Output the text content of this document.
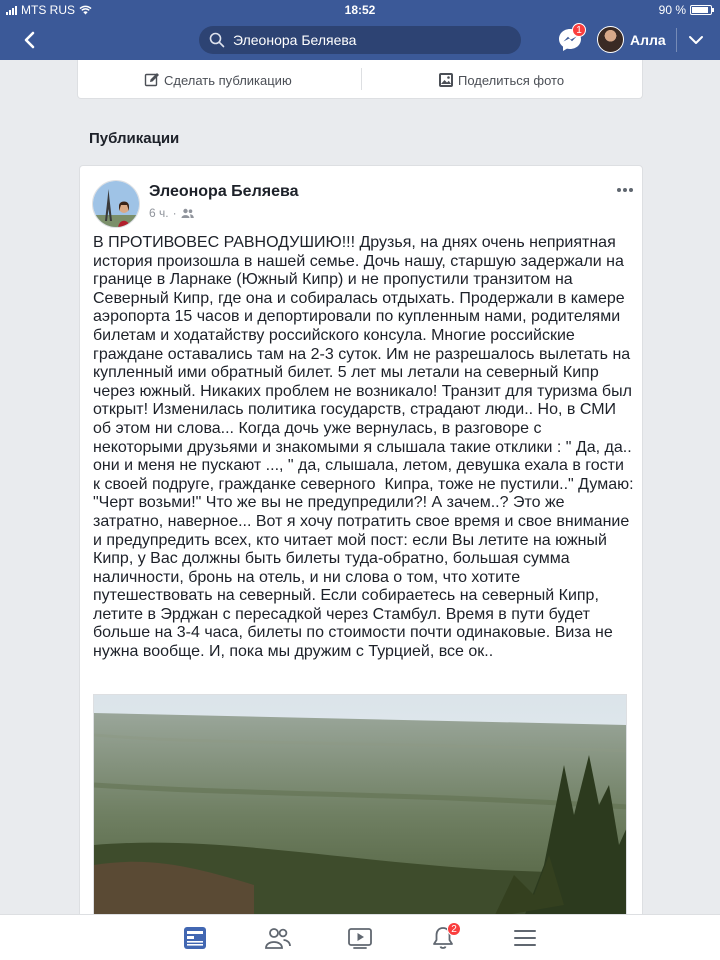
MTS RUS	18:52	90 %
Элеонора Беляева
1
Алла
Сделать публикацию	Поделиться фото
Публикации
Элеонора Беляева
6 ч. ·
В ПРОТИВОВЕС РАВНОДУШИЮ!!! Друзья, на днях очень неприятная история произошла в нашей семье. Дочь нашу, старшую задержали на границе в Ларнаке (Южный Кипр) и не пропустили транзитом на Северный Кипр, где она и собиралась отдыхать. Продержали в камере аэропорта 15 часов и депортировали по купленным нами, родителями билетам и ходатайству российского консула. Многие российские граждане оставались там на 2-3 суток. Им не разрешалось вылетать на купленный ими обратный билет. 5 лет мы летали на северный Кипр через южный. Никаких проблем не возникало! Транзит для туризма был открыт! Изменилась политика государств, страдают люди.. Но, в СМИ об этом ни слова... Когда дочь уже вернулась, в разговоре с некоторыми друзьями и знакомыми я слышала такие отклики : " Да, да.. они и меня не пускают ..., " да, слышала, летом, девушка ехала в гости к своей подруге, гражданке северного  Кипра, тоже не пустили.." Думаю: "Черт возьми!" Что же вы не предупредили?! А зачем..? Это же затратно, наверное... Вот я хочу потратить свое время и свое внимание и предупредить всех, кто читает мой пост: если Вы летите на южный Кипр, у Вас должны быть билеты туда-обратно, большая сумма наличности, бронь на отель, и ни слова о том, что хотите путешествовать на северный. Если собираетесь на северный Кипр, летите в Эрджан с пересадкой через Стамбул. Время в пути будет больше на 3-4 часа, билеты по стоимости почти одинаковые. Виза не нужна вообще. И, пока мы дружим с Турцией, все ок..
2
